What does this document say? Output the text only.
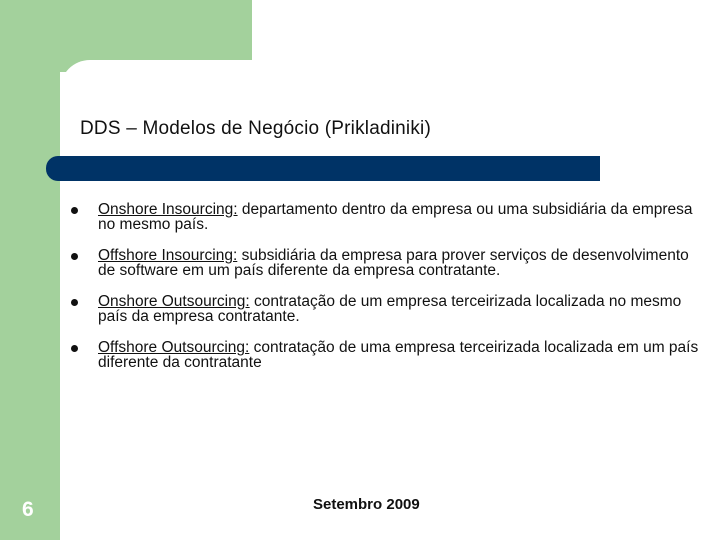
DDS – Modelos de Negócio (Prikladiniki)
Onshore Insourcing: departamento dentro da empresa ou uma subsidiária da empresa no mesmo país.
Offshore Insourcing: subsidiária da empresa para prover serviços de desenvolvimento de software em um país diferente da empresa contratante.
Onshore Outsourcing: contratação de um empresa terceirizada localizada no mesmo país da empresa contratante.
Offshore Outsourcing: contratação de uma empresa terceirizada localizada em um país diferente da contratante
6	Setembro 2009
